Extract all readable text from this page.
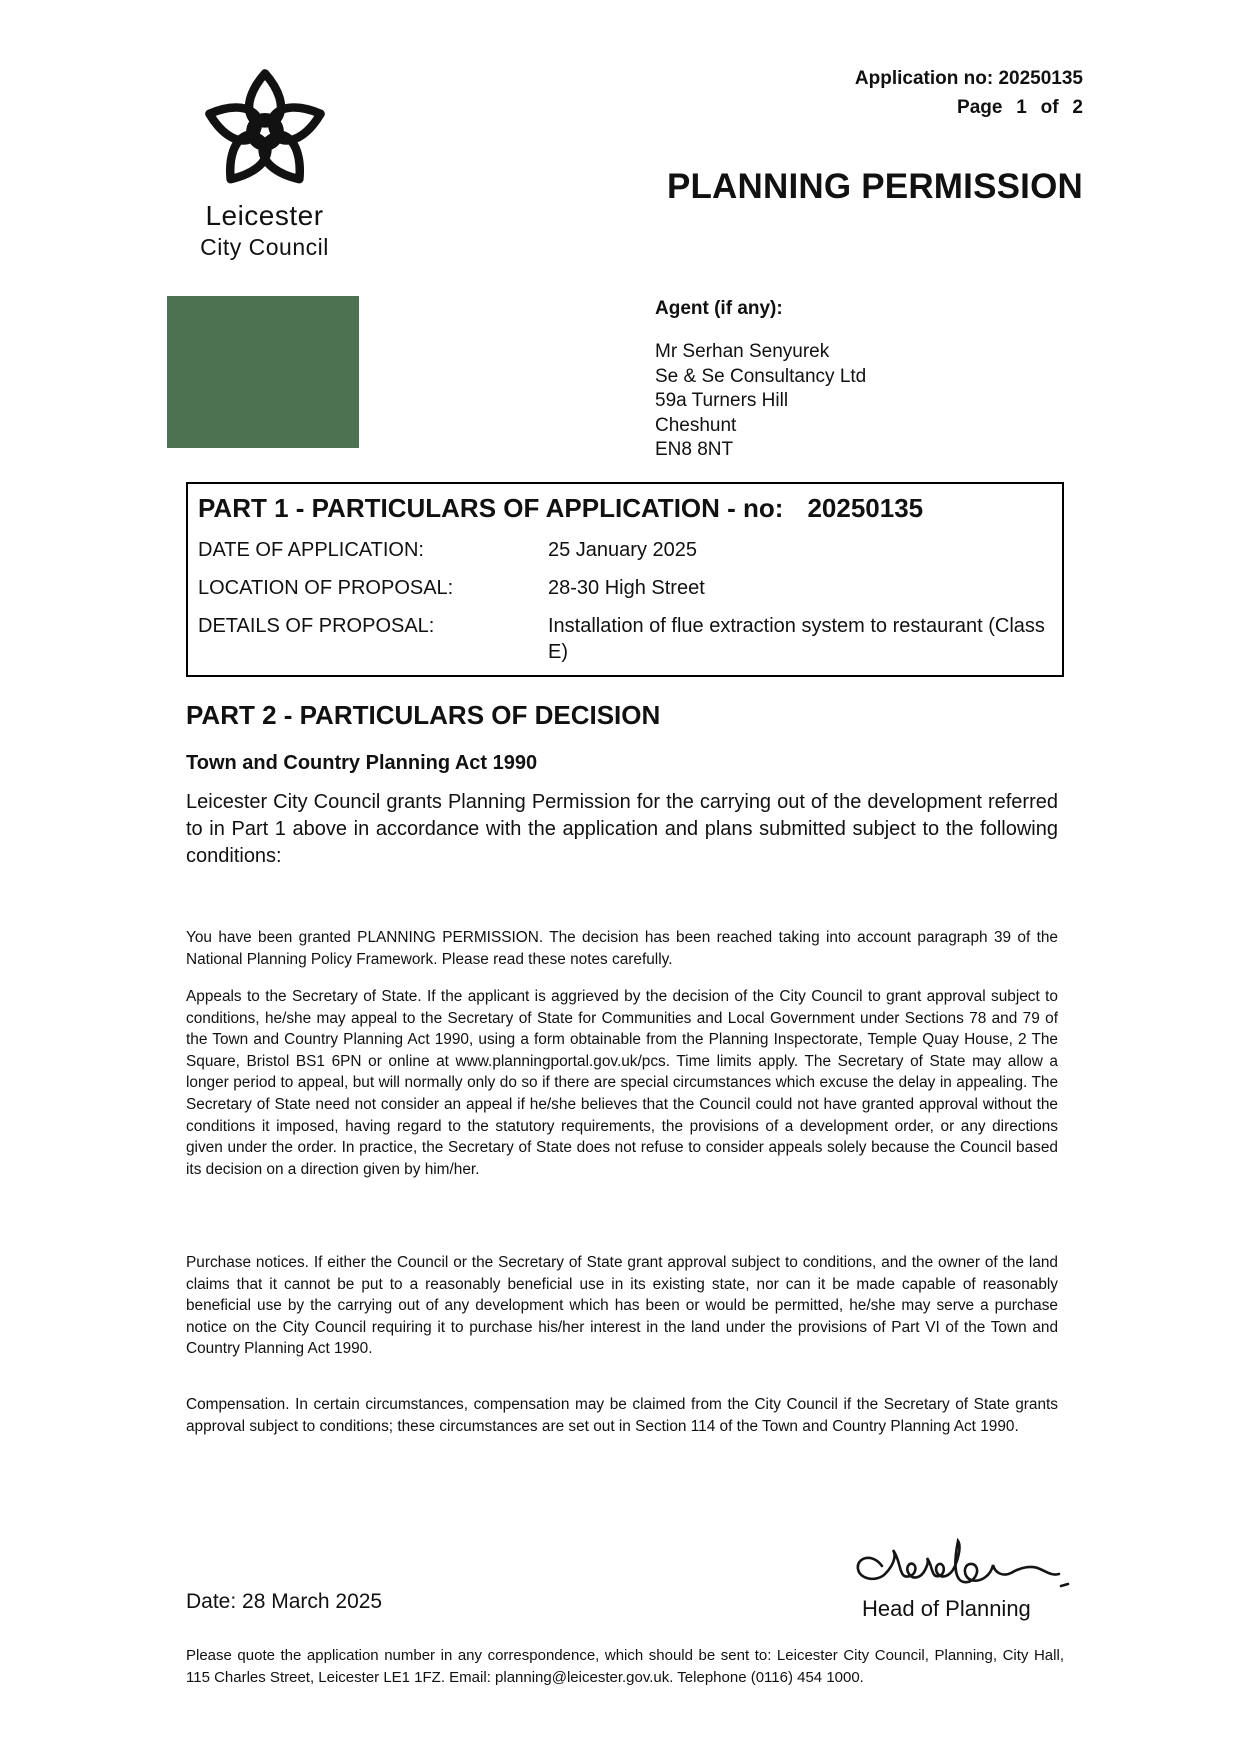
Leicester
City Council
Application no: 20250135
Page 1 of 2
PLANNING PERMISSION
Agent (if any):
Mr Serhan Senyurek
Se & Se Consultancy Ltd
59a Turners Hill
Cheshunt
EN8 8NT
PART 1 - PARTICULARS OF APPLICATION - no: 20250135
DATE OF APPLICATION:	25 January 2025
LOCATION OF PROPOSAL:	28-30 High Street
DETAILS OF PROPOSAL:	Installation of flue extraction system to restaurant (Class E)
PART 2 - PARTICULARS OF DECISION
Town and Country Planning Act 1990
Leicester City Council grants Planning Permission for the carrying out of the development referred to in Part 1 above in accordance with the application and plans submitted subject to the following conditions:
You have been granted PLANNING PERMISSION. The decision has been reached taking into account paragraph 39 of the National Planning Policy Framework. Please read these notes carefully.
Appeals to the Secretary of State. If the applicant is aggrieved by the decision of the City Council to grant approval subject to conditions, he/she may appeal to the Secretary of State for Communities and Local Government under Sections 78 and 79 of the Town and Country Planning Act 1990, using a form obtainable from the Planning Inspectorate, Temple Quay House, 2 The Square, Bristol BS1 6PN or online at www.planningportal.gov.uk/pcs. Time limits apply. The Secretary of State may allow a longer period to appeal, but will normally only do so if there are special circumstances which excuse the delay in appealing. The Secretary of State need not consider an appeal if he/she believes that the Council could not have granted approval without the conditions it imposed, having regard to the statutory requirements, the provisions of a development order, or any directions given under the order. In practice, the Secretary of State does not refuse to consider appeals solely because the Council based its decision on a direction given by him/her.
Purchase notices. If either the Council or the Secretary of State grant approval subject to conditions, and the owner of the land claims that it cannot be put to a reasonably beneficial use in its existing state, nor can it be made capable of reasonably beneficial use by the carrying out of any development which has been or would be permitted, he/she may serve a purchase notice on the City Council requiring it to purchase his/her interest in the land under the provisions of Part VI of the Town and Country Planning Act 1990.
Compensation. In certain circumstances, compensation may be claimed from the City Council if the Secretary of State grants approval subject to conditions; these circumstances are set out in Section 114 of the Town and Country Planning Act 1990.
Date: 28 March 2025	Head of Planning
Please quote the application number in any correspondence, which should be sent to: Leicester City Council, Planning, City Hall, 115 Charles Street, Leicester LE1 1FZ. Email: planning@leicester.gov.uk. Telephone (0116) 454 1000.
